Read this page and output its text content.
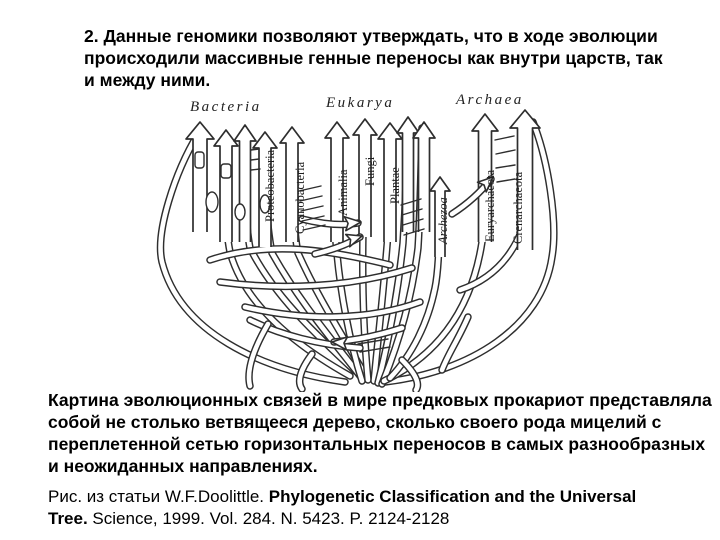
2. Данные геномики позволяют утверждать, что в ходе эволюции
происходили массивные генные переносы как внутри царств, так
и между ними.
Bacteria	Eukarya	Archaea
Proteobacteria Cyanobacteria Animalia Fungi Plantae
Archezoa	Euryarchaeota Crenarchaeota
Картина эволюционных связей в мире предковых прокариот представляла
собой не столько ветвящееся дерево, сколько своего рода мицелий с
переплетенной сетью горизонтальных переносов в самых разнообразных
и неожиданных направлениях.
Рис. из статьи W.F.Doolittle. Phylogenetic Classification and the Universal
Tree. Science, 1999. Vol. 284. N. 5423. P. 2124-2128
